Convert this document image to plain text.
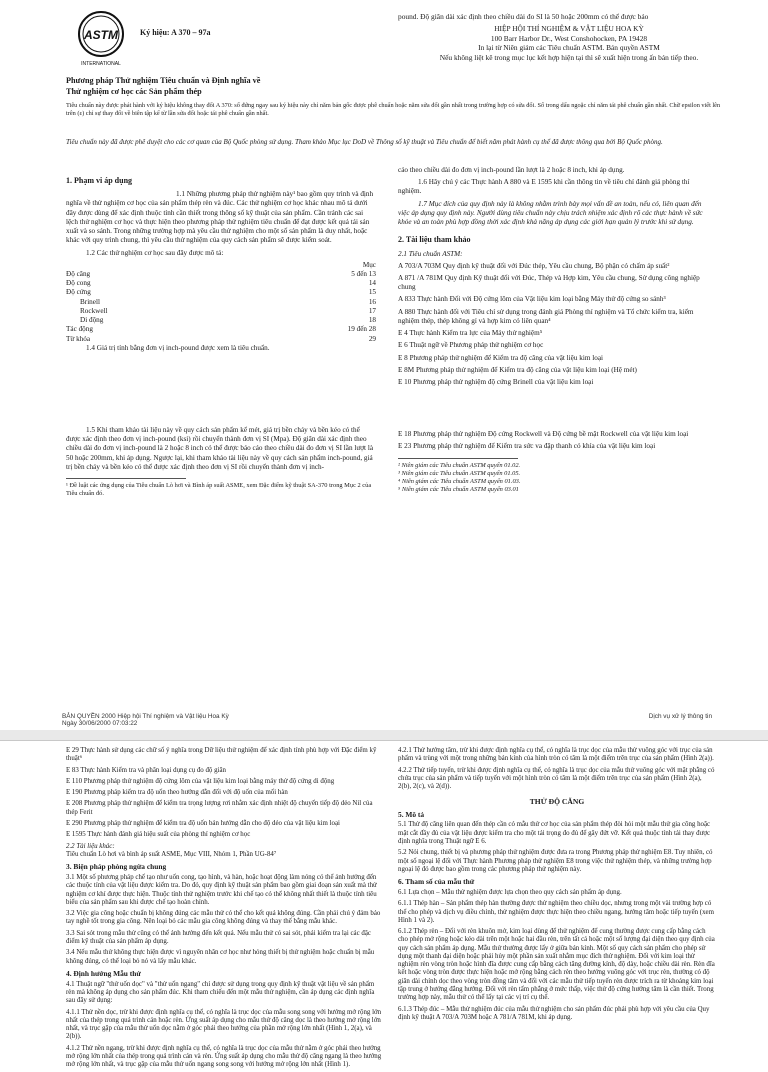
ASTM
INTERNATIONAL
Ký hiệu: A 370 – 97a

pound. Độ giãn dài xác định theo chiều dài đo SI là 50 hoặc 200mm có thể được báo

HIỆP HỘI THÍ NGHIỆM & VẬT LIỆU HOA KỲ

100 Barr Harbor Dr., West Conshohocken, PA 19428

In lại từ Niên giám các Tiêu chuẩn ASTM. Bản quyền ASTM

Nếu không liệt kê trong mục lục kết hợp hiện tại thì sẽ xuất hiện trong ấn bản tiếp theo.

Phương pháp Thử nghiệm Tiêu chuẩn và Định nghĩa về
Thử nghiệm cơ học các Sản phẩm thép
Tiêu chuẩn này được phát hành với ký hiệu không thay đổi A 370: số đứng ngay sau ký hiệu này chỉ năm bản gốc được phê chuẩn hoặc năm sửa đổi gần nhất trong trường hợp có sửa đổi. Số trong dấu ngoặc chỉ năm tái phê chuẩn gần nhất. Chữ epsilon viết lên trên (ε) chỉ sự thay đổi về biên tập kể từ lần sửa đổi hoặc tái phê chuẩn gần nhất.
Tiêu chuẩn này đã được phê duyệt cho các cơ quan của Bộ Quốc phòng sử dụng. Tham khảo Mục lục DoD về Thông số kỹ thuật và Tiêu chuẩn để biết năm phát hành cụ thể đã được thông qua bởi Bộ Quốc phòng.
1. Phạm vi áp dụng

1.1 Những phương pháp thử nghiệm này¹ bao gồm quy trình và định nghĩa về thử nghiệm cơ học của sản phẩm thép rèn và đúc. Các thử nghiệm cơ học khác nhau mô tả dưới đây được dùng để xác định thuộc tính cần thiết trong thông số kỹ thuật của sản phẩm. Cần tránh các sai lệch thử nghiệm cơ học và thực hiện theo phương pháp thử nghiệm tiêu chuẩn để đạt được kết quả tái sản xuất và so sánh. Trong những trường hợp mà yêu cầu thử nghiệm cho một số sản phẩm là duy nhất, hoặc khác với quy trình chung, thì yêu cầu thử nghiệm của quy cách sản phẩm sẽ được kiểm soát.

1.2 Các thử nghiệm cơ học sau đây được mô tả:

Mục
Độ căng	5 đến 13
Độ cong	14
Độ cứng	15
Brinell	16
Rockwell	17
Di động	18
Tác động	19 đến 28
Từ khóa	29

1.4 Giá trị tính bằng đơn vị inch-pound được xem là tiêu chuẩn.

1.5 Khi tham khảo tài liệu này về quy cách sản phẩm kể mét, giá trị bền chảy và bền kéo có thể được xác định theo đơn vị inch-pound (ksi) rồi chuyển thành đơn vị SI (Mpa). Độ giãn dài xác định theo chiều dài đo đơn vị inch-pound là 2 hoặc 8 inch có thể được báo cáo theo chiều dài đo đơn vị SI lần lượt là 50 hoặc 200mm, khi áp dụng. Ngược lại, khi tham khảo tài liệu này về quy cách sản phẩm inch-pound, giá trị bền chảy và bền kéo có thể được xác định theo đơn vị SI rồi chuyển thành đơn vị inch-

¹ Đề luật các ứng dụng của Tiêu chuẩn Lò hơi và Bình áp suất ASME, xem Đặc điểm kỹ thuật SA-370 trong Mục 2 của Tiêu chuẩn đó.

cáo theo chiều dài đo đơn vị inch-pound lần lượt là 2 hoặc 8 inch, khi áp dụng.

1.6 Hãy chú ý các Thực hành A 880 và E 1595 khi cần thông tin về tiêu chí đánh giá phòng thí nghiệm.

1.7 Mục đích của quy định này là không nhằm trình bày mọi vấn đề an toàn, nếu có, liên quan đến việc áp dụng quy định này. Người dùng tiêu chuẩn này chịu trách nhiệm xác định rõ các thực hành về sức khỏe và an toàn phù hợp đồng thời xác định khả năng áp dụng các giới hạn quản lý trước khi sử dụng.

2. Tài liệu tham khảo

2.1 Tiêu chuẩn ASTM:

A 703/A 703M Quy định kỹ thuật đối với Đúc thép, Yêu cầu chung, Bộ phận có chấm áp suất²

A 871 /A 781M Quy định Kỹ thuật đối với Đúc, Thép và Hợp kim, Yêu cầu chung, Sử dụng công nghiệp chung

A 833 Thực hành Đối với Độ cứng lõm của Vật liệu kim loại bằng Máy thử độ cứng so sánh³

A 880 Thực hành đối với Tiêu chí sử dụng trong đánh giá Phòng thí nghiệm và Tổ chức kiểm tra, kiểm nghiệm thép, thép không gỉ và hợp kim có liên quan⁴

E 4 Thực hành Kiểm tra lực của Máy thử nghiệm⁵

E 6 Thuật ngữ về Phương pháp thử nghiệm cơ học

E 8 Phương pháp thử nghiệm để Kiểm tra độ căng của vật liệu kim loại

E 8M Phương pháp thử nghiệm để Kiểm tra độ căng của vật liệu kim loại (Hệ mét)

E 10 Phương pháp thử nghiệm độ cứng Brinell của vật liệu kim loại

E 18 Phương pháp thử nghiệm Độ cứng Rockwell và Độ cứng bề mặt Rockwell của vật liệu kim loại

E 23 Phương pháp thử nghiệm để Kiểm tra sức va đập thanh có khía của vật liệu kim loại

² Niên giám các Tiêu chuẩn ASTM quyển 01.02.
³ Niên giám các Tiêu chuẩn ASTM quyển 01.05.
⁴ Niên giám các Tiêu chuẩn ASTM quyển 01.03.
⁵ Niên giám các Tiêu chuẩn ASTM quyển 03.01
BẢN QUYỀN 2000 Hiệp hội Thí nghiệm và Vật liệu Hoa Kỳ
Ngày 30/06/2000 07:03:22
Dịch vụ xử lý thông tin

E 29 Thực hành sử dụng các chữ số ý nghĩa trong Dữ liệu thử nghiệm để xác định tính phù hợp với Đặc điểm kỹ thuật⁶

E 83 Thực hành Kiểm tra và phân loại dụng cụ đo độ giãn

E 110 Phương pháp thử nghiệm độ cứng lõm của vật liệu kim loại bằng máy thử độ cứng di động

E 190 Phương pháp kiểm tra độ uốn theo hướng dẫn đối với độ uốn của mối hàn

E 208 Phương pháp thử nghiệm để kiểm tra trọng lượng rơi nhằm xác định nhiệt độ chuyển tiếp độ dẻo Nil của thép Ferit

E 290 Phương pháp thử nghiệm để kiểm tra độ uốn bán hướng dẫn cho độ dẻo của vật liệu kim loại

E 1595 Thực hành đánh giá hiệu suất của phòng thí nghiệm cơ học

2.2 Tài liệu khác:

Tiêu chuẩn Lò hơi và bình áp suất ASME, Mục VIII, Nhóm 1, Phần UG-84⁷

3. Biện pháp phòng ngừa chung

3.1 Một số phương pháp chế tạo như uốn cong, tạo hình, và hàn, hoặc hoạt động làm nóng có thể ảnh hưởng đến các thuộc tính của vật liệu được kiểm tra. Do đó, quy định kỹ thuật sản phẩm bao gồm giai đoạn sản xuất mà thử nghiệm cơ khí được thực hiện. Thuộc tính thử nghiệm trước khi chế tạo có thể không nhất thiết là thuộc tính tiêu biểu của sản phẩm sau khi được chế tạo hoàn chỉnh.

3.2 Việc gia công hoặc chuẩn bị không đúng các mẫu thử có thể cho kết quả không đúng. Cần phải chú ý đảm bảo tay nghề tốt trong gia công. Nên loại bỏ các mẫu gia công không đúng và thay thế bằng mẫu khác.

3.3 Sai sót trong mẫu thử cũng có thể ảnh hưởng đến kết quả. Nếu mẫu thử có sai sót, phải kiểm tra lại các đặc điểm kỹ thuật của sản phẩm áp dụng.

3.4 Nếu mẫu thử không thực hiện được vì nguyên nhân cơ học như hỏng thiết bị thử nghiệm hoặc chuẩn bị mẫu không đúng, có thể loại bỏ nó và lấy mẫu khác.

4. Định hướng Mẫu thử

4.1 Thuật ngữ "thử uốn dọc" và "thử uốn ngang" chỉ được sử dụng trong quy định kỹ thuật vật liệu về sản phẩm rèn mà không áp dụng cho sản phẩm đúc. Khi tham chiếu đến một mẫu thử nghiệm, cần áp dụng các định nghĩa sau đây sử dụng:

4.1.1 Thử nền dọc, trừ khi được định nghĩa cụ thể, có nghĩa là trục dọc của mẫu song song với hướng mở rộng lớn nhất của thép trong quá trình cán hoặc rèn. Ứng suất áp dụng cho mẫu thử độ căng dọc là theo hướng mở rộng lớn nhất, và trục gập của mẫu thử uốn dọc nằm ở góc phải theo hướng của phần mở rộng lớn nhất (Hình 1, 2(a), và 2(b)).

4.1.2 Thử nền ngang, trừ khi được định nghĩa cụ thể, có nghĩa là trục dọc của mẫu thử nằm ở góc phải theo hướng mở rộng lớn nhất của thép trong quá trình cán và rèn. Ứng suất áp dụng cho mẫu thử độ căng ngang là theo hướng mở rộng lớn nhất, và trục gập của mẫu thử uốn ngang song song với hướng mở rộng lớn nhất (Hình 1).

4.2.1 Thử hướng tâm, trừ khi được định nghĩa cụ thể, có nghĩa là trục dọc của mẫu thử vuông góc với trục của sản phẩm và trùng với một trong những bán kính của hình tròn có tâm là một điểm trên trục của sản phẩm (Hình 2(a)).

4.2.2 Thử tiếp tuyến, trừ khi được định nghĩa cụ thể, có nghĩa là trục dọc của mẫu thử vuông góc với mặt phẳng có chứa trục của sản phẩm và tiếp tuyến với một hình tròn có tâm là một điểm trên trục của sản phẩm (Hình 2(a), 2(b), 2(c), và 2(d)).

THỬ ĐỘ CĂNG
5. Mô tả

5.1 Thử độ căng liên quan đến thép cần có mẫu thử cơ học của sản phẩm thép đòi hỏi một mẫu thử gia công hoặc mặt cắt đầy đủ của vật liệu được kiểm tra cho một tải trọng đo đủ để gây đứt vỡ. Kết quả thuộc tính tải thay được định nghĩa trong Thuật ngữ E 6.

5.2 Nói chung, thiết bị và phương pháp thử nghiệm được đưa ra trong Phương pháp thử nghiệm E8. Tuy nhiên, có một số ngoại lệ đối với Thực hành Phương pháp thử nghiệm E8 trong việc thử nghiệm thép, và những trường hợp ngoại lệ đó được bao gồm trong các phương pháp thử nghiệm này.

6. Tham số của mẫu thử

6.1 Lựa chọn – Mẫu thử nghiệm được lựa chọn theo quy cách sản phẩm áp dụng.

6.1.1 Thép hàn – Sản phẩm thép hàn thường được thử nghiệm theo chiều dọc, nhưng trong một vài trường hợp có thể cho phép và dịch vụ điều chỉnh, thử nghiệm được thực hiện theo chiều ngang, hướng tâm hoặc tiếp tuyến (xem Hình 1 và 2).

6.1.2 Thép rèn – Đối với rèn khuôn mở, kim loại dùng để thử nghiệm để cung thường được cung cấp bằng cách cho phép mở rộng hoặc kéo dài trên một hoặc hai đầu rèn, trên tất cả hoặc một số lượng đại diện theo quy định của quy cách sản phẩm áp dụng. Mẫu thử thường được lấy ở giữa bán kính. Một số quy cách sản phẩm cho phép sử dụng một thanh đại diện hoặc phải hủy một phần sản xuất nhằm mục đích thử nghiệm. Đối với kim loại thử nghiệm rèn vòng tròn hoặc hình đĩa được cung cấp bằng cách tăng đường kính, độ dày, hoặc chiều dài rèn. Rèn đĩa kết hoặc vòng tròn được thực hiện hoặc mở rộng bằng cách rèn theo hướng vuông góc với trục rèn, thường có độ giãn dài chính dọc theo vòng tròn đồng tâm và đối với các mẫu thử tiếp tuyến rèn được trích ra từ khoảng kim loại tập trung ở hướng đẳng hướng. Đối với rèn tấm phẳng ở mức thấp, việc thử độ cứng hướng tâm là cần thiết. Trong trường hợp này, mẫu thử có thể lấy tại các vị trí cụ thể.

6.1.3 Thép đúc – Mẫu thử nghiệm đúc của mẫu thử nghiệm cho sản phẩm đúc phải phù hợp với yêu cầu của Quy định kỹ thuật A 703/A 703M hoặc A 781/A 781M, khi áp dụng.
